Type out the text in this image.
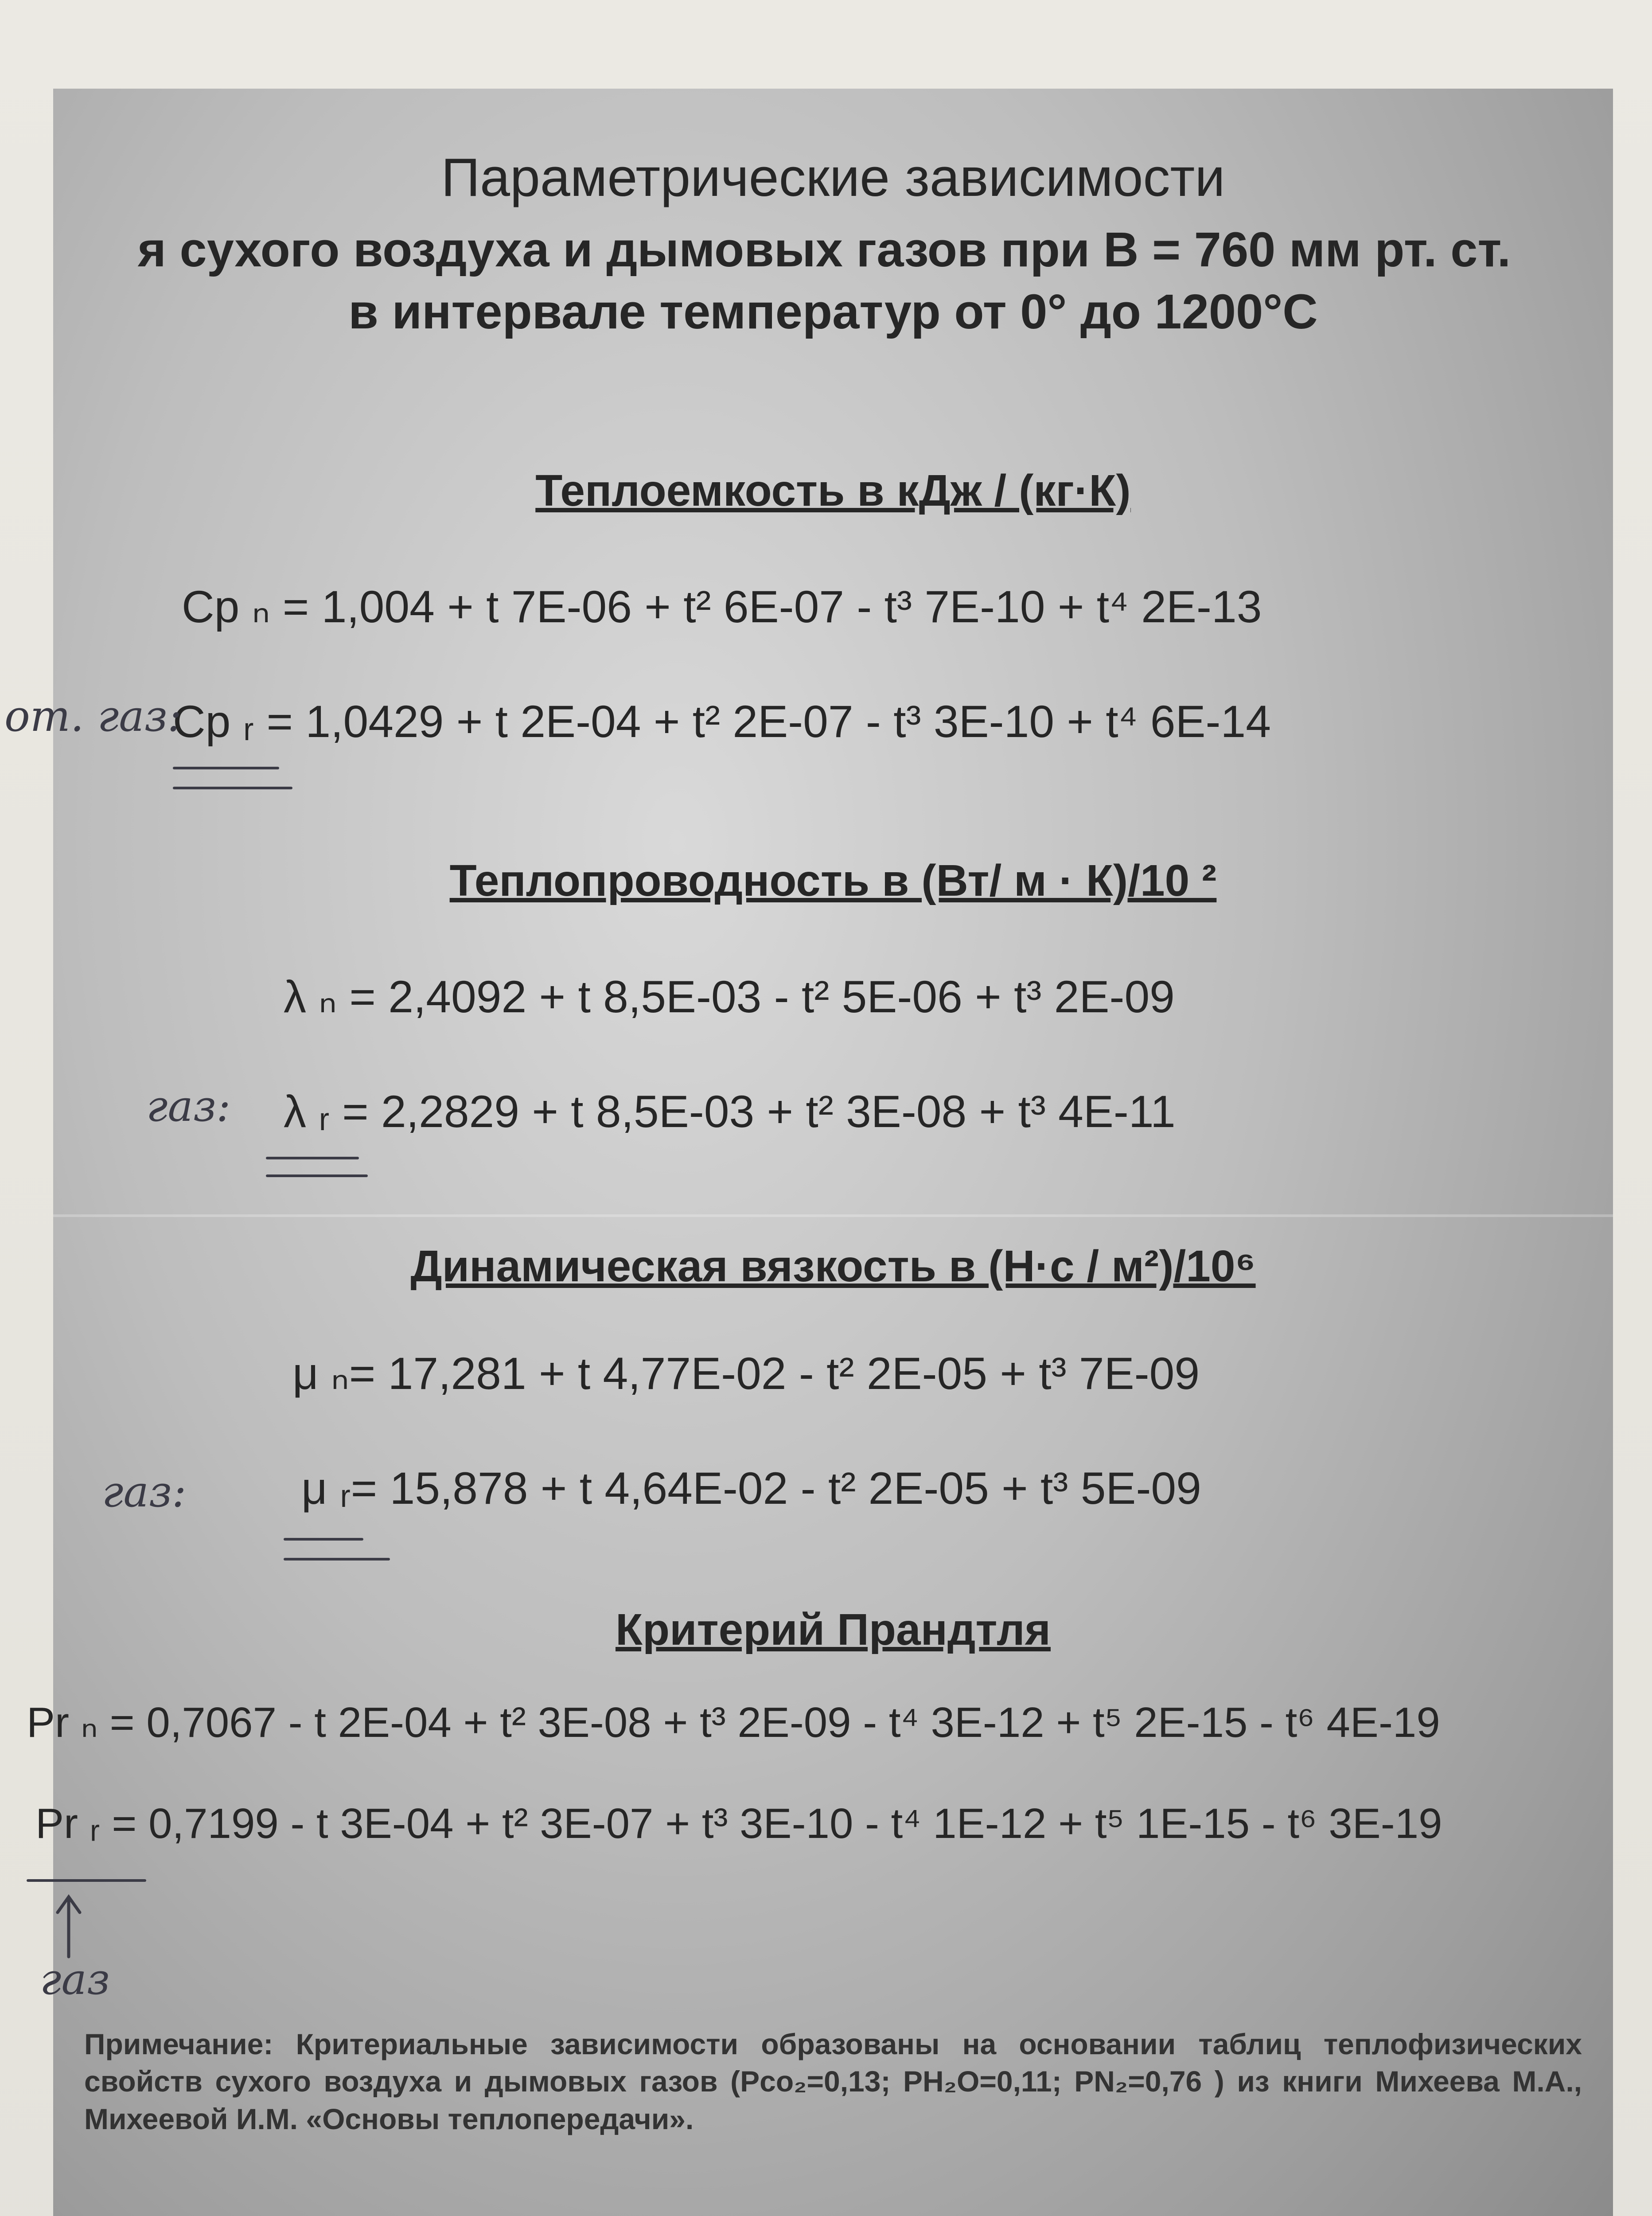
Параметрические зависимости
я сухого воздуха и дымовых газов при В = 760 мм рт. ст.
в интервале температур от 0° до 1200°C
Теплоемкость в кДж / (кг·К)
Cp ₙ = 1,004 + t 7E-06 + t² 6E-07 - t³ 7E-10 + t⁴ 2E-13
Cp ᵣ = 1,0429 + t 2E-04 + t² 2E-07 - t³ 3E-10 + t⁴ 6E-14
Теплопроводность в (Вт/ м · К)/10 ²
λ ₙ = 2,4092 + t 8,5E-03 - t² 5E-06 + t³ 2E-09
λ ᵣ = 2,2829 + t 8,5E-03 + t² 3E-08 + t³ 4E-11
Динамическая вязкость в (Н·с / м²)/10⁶
μ ₙ= 17,281 + t 4,77E-02 - t² 2E-05 + t³ 7E-09
μ ᵣ= 15,878 + t 4,64E-02 - t² 2E-05 + t³ 5E-09
Критерий Прандтля
Pr ₙ = 0,7067 - t 2E-04 + t² 3E-08 + t³ 2E-09 - t⁴ 3E-12 + t⁵ 2E-15 - t⁶ 4E-19
Pr ᵣ = 0,7199 - t 3E-04 + t² 3E-07 + t³ 3E-10 - t⁴ 1E-12 + t⁵ 1E-15 - t⁶ 3E-19
Примечание: Критериальные зависимости образованы на основании таблиц теплофизических свойств сухого воздуха и дымовых газов (Pco₂=0,13; PH₂O=0,11; PN₂=0,76 ) из книги Михеева М.А., Михеевой И.М. «Основы теплопередачи».
от. газ:
газ:
газ:
газ
